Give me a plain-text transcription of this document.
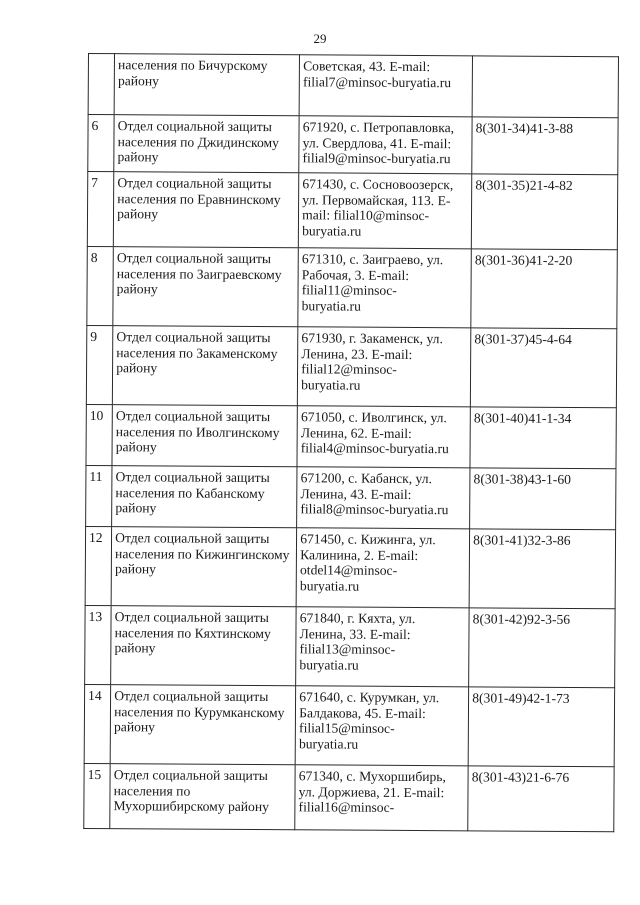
29
	населения по Бичурскому району	Советская, 43. E-mail:
filial7@minsoc-buryatia.ru	
6	Отдел социальной защиты населения по Джидинскому району	671920, с. Петропавловка,
ул. Свердлова, 41. E-mail:
filial9@minsoc-buryatia.ru	8(301-34)41-3-88
7	Отдел социальной защиты населения по Еравнинскому району	671430, с. Сосновоозерск,
ул. Первомайская, 113. E-
mail: filial10@minsoc-
buryatia.ru	8(301-35)21-4-82
8	Отдел социальной защиты населения по Заиграевскому району	671310, с. Заиграево, ул.
Рабочая, 3. E-mail:
filial11@minsoc-
buryatia.ru	8(301-36)41-2-20
9	Отдел социальной защиты населения по Закаменскому району	671930, г. Закаменск, ул.
Ленина, 23. E-mail:
filial12@minsoc-
buryatia.ru	8(301-37)45-4-64
10	Отдел социальной защиты населения по Иволгинскому району	671050, с. Иволгинск, ул.
Ленина, 62. E-mail:
filial4@minsoc-buryatia.ru	8(301-40)41-1-34
11	Отдел социальной защиты населения по Кабанскому району	671200, с. Кабанск, ул.
Ленина, 43. E-mail:
filial8@minsoc-buryatia.ru	8(301-38)43-1-60
12	Отдел социальной защиты населения по Кижингинскому району	671450, с. Кижинга, ул.
Калинина, 2. E-mail:
otdel14@minsoc-
buryatia.ru	8(301-41)32-3-86
13	Отдел социальной защиты населения по Кяхтинскому району	671840, г. Кяхта, ул.
Ленина, 33. E-mail:
filial13@minsoc-
buryatia.ru	8(301-42)92-3-56
14	Отдел социальной защиты населения по Курумканскому району	671640, с. Курумкан, ул.
Балдакова, 45. E-mail:
filial15@minsoc-
buryatia.ru	8(301-49)42-1-73
15	Отдел социальной защиты населения по Мухоршибирскому району	671340, с. Мухоршибирь,
ул. Доржиева, 21. E-mail:
filial16@minsoc-	8(301-43)21-6-76
